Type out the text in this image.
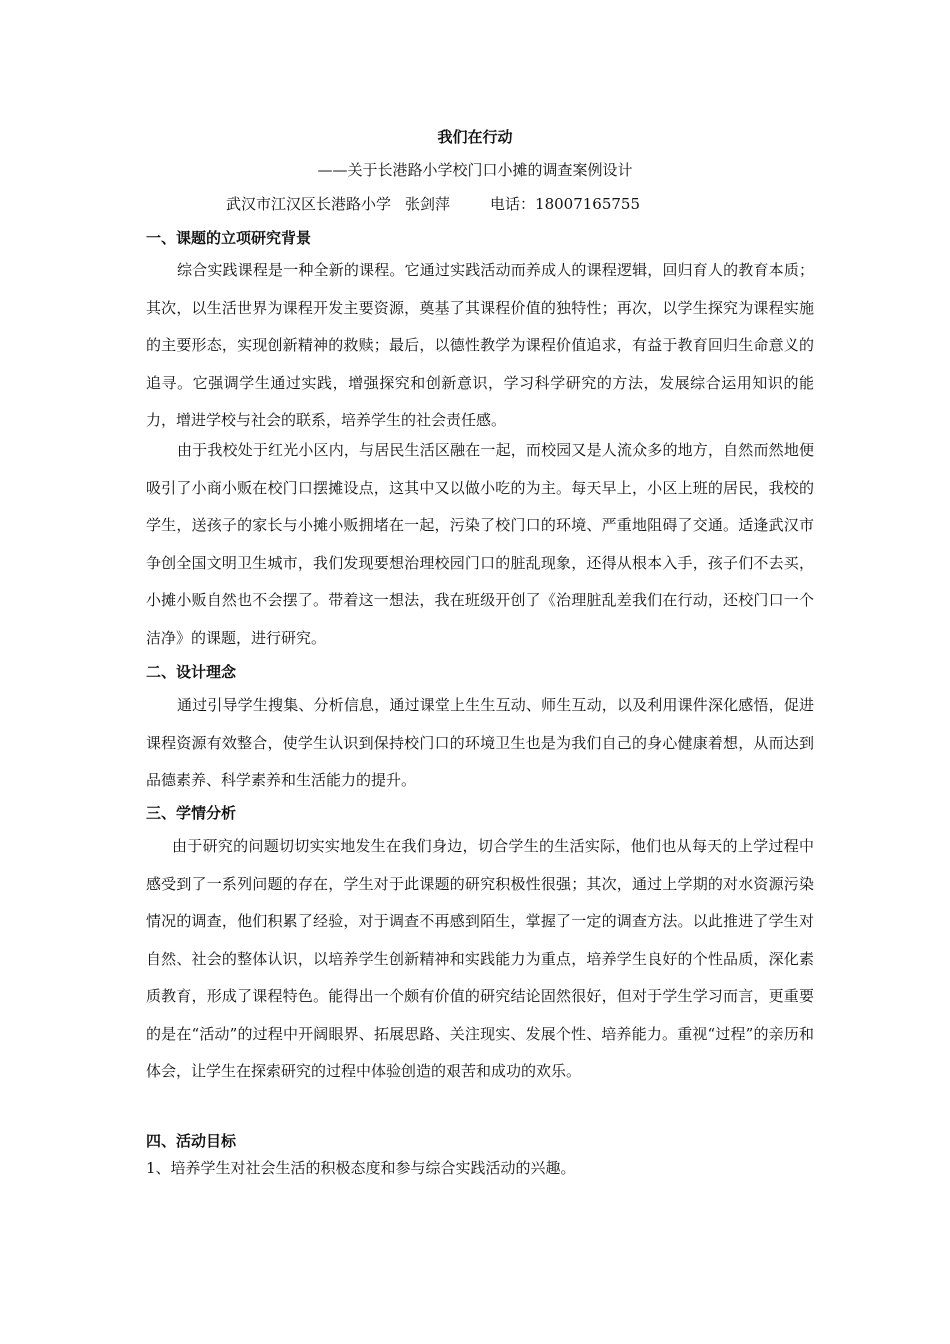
我们在行动
——关于长港路小学校门口小摊的调查案例设计
武汉市江汉区长港路小学 张剑萍	电话：18007165755
一、课题的立项研究背景
综合实践课程是一种全新的课程。它通过实践活动而养成人的课程逻辑，回归育人的教育本质；其次，以生活世界为课程开发主要资源，奠基了其课程价值的独特性；再次，以学生探究为课程实施的主要形态，实现创新精神的救赎；最后，以德性教学为课程价值追求，有益于教育回归生命意义的追寻。它强调学生通过实践，增强探究和创新意识，学习科学研究的方法，发展综合运用知识的能力，增进学校与社会的联系，培养学生的社会责任感。
由于我校处于红光小区内，与居民生活区融在一起，而校园又是人流众多的地方，自然而然地便吸引了小商小贩在校门口摆摊设点，这其中又以做小吃的为主。每天早上，小区上班的居民，我校的学生，送孩子的家长与小摊小贩拥堵在一起，污染了校门口的环境、严重地阻碍了交通。适逢武汉市争创全国文明卫生城市，我们发现要想治理校园门口的脏乱现象，还得从根本入手，孩子们不去买，小摊小贩自然也不会摆了。带着这一想法，我在班级开创了《治理脏乱差我们在行动，还校门口一个洁净》的课题，进行研究。
二、设计理念
通过引导学生搜集、分析信息，通过课堂上生生互动、师生互动，以及利用课件深化感悟，促进课程资源有效整合，使学生认识到保持校门口的环境卫生也是为我们自己的身心健康着想，从而达到品德素养、科学素养和生活能力的提升。
三、学情分析
由于研究的问题切切实实地发生在我们身边，切合学生的生活实际，他们也从每天的上学过程中感受到了一系列问题的存在，学生对于此课题的研究积极性很强；其次，通过上学期的对水资源污染情况的调查，他们积累了经验，对于调查不再感到陌生，掌握了一定的调查方法。以此推进了学生对自然、社会的整体认识，以培养学生创新精神和实践能力为重点，培养学生良好的个性品质，深化素质教育，形成了课程特色。能得出一个颇有价值的研究结论固然很好，但对于学生学习而言，更重要的是在“活动”的过程中开阔眼界、拓展思路、关注现实、发展个性、培养能力。重视“过程”的亲历和体会，让学生在探索研究的过程中体验创造的艰苦和成功的欢乐。
四、活动目标
1、培养学生对社会生活的积极态度和参与综合实践活动的兴趣。
